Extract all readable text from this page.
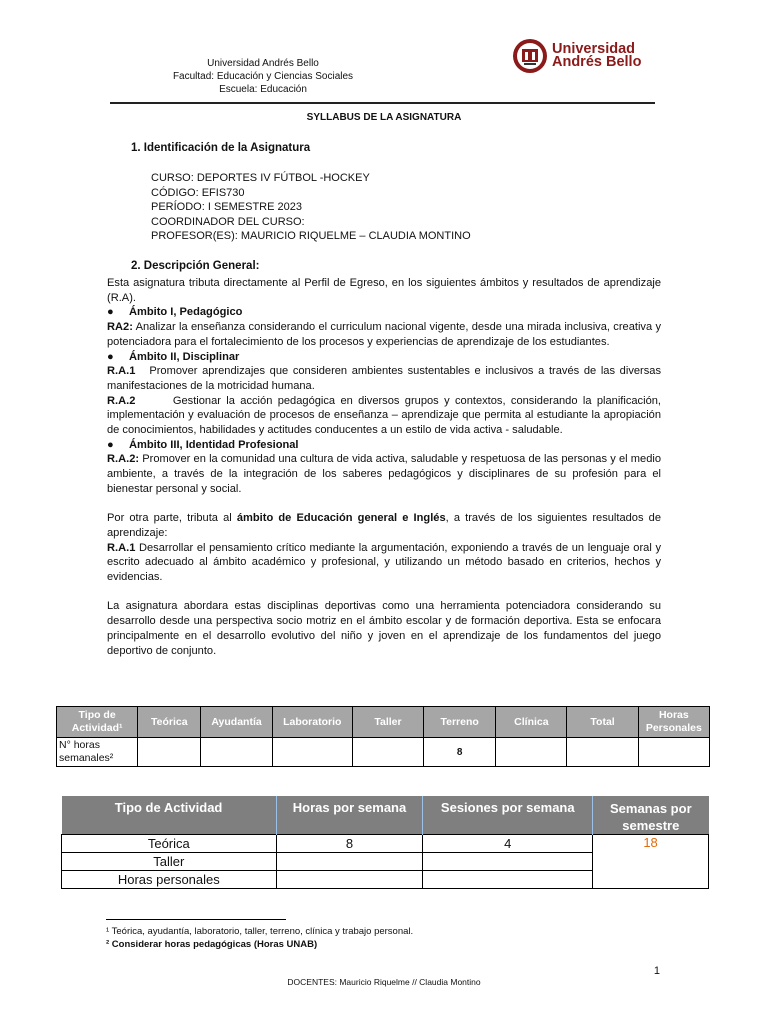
Universidad Andrés Bello
Facultad: Educación y Ciencias Sociales
Escuela: Educación
Universidad
Andrés Bello
SYLLABUS DE LA ASIGNATURA
1. Identificación de la Asignatura
CURSO: DEPORTES IV FÚTBOL -HOCKEY
CÓDIGO: EFIS730
PERÍODO: I SEMESTRE 2023
COORDINADOR DEL CURSO:
PROFESOR(ES): MAURICIO RIQUELME – CLAUDIA MONTINO
2. Descripción General:

Esta asignatura tributa directamente al Perfil de Egreso, en los siguientes ámbitos y resultados de aprendizaje (R.A).

●	Ámbito I, Pedagógico

RA2: Analizar la enseñanza considerando el curriculum nacional vigente, desde una mirada inclusiva, creativa y potenciadora para el fortalecimiento de los procesos y experiencias de aprendizaje de los estudiantes.

●	Ámbito II, Disciplinar

R.A.1   Promover aprendizajes que consideren ambientes sustentables e inclusivos a través de las diversas manifestaciones de la motricidad humana.

R.A.2       Gestionar la acción pedagógica en diversos grupos y contextos, considerando la planificación, implementación y evaluación de procesos de enseñanza – aprendizaje que permita al estudiante la apropiación de conocimientos, habilidades y actitudes conducentes a un estilo de vida activa - saludable.

●	Ámbito III, Identidad Profesional

R.A.2: Promover en la comunidad una cultura de vida activa, saludable y respetuosa de las personas y el medio ambiente, a través de la integración de los saberes pedagógicos y disciplinares de su profesión para el bienestar personal y social.

Por otra parte, tributa al ámbito de Educación general e Inglés, a través de los siguientes resultados de aprendizaje:

R.A.1 Desarrollar el pensamiento crítico mediante la argumentación, exponiendo a través de un lenguaje oral y escrito adecuado al ámbito académico y profesional, y utilizando un método basado en criterios, hechos y evidencias.

La asignatura abordara estas disciplinas deportivas como una herramienta potenciadora considerando su desarrollo desde una perspectiva socio motriz en el ámbito escolar y de formación deportiva. Esta se enfocara principalmente en el desarrollo evolutivo del niño y joven en el aprendizaje de los fundamentos del juego deportivo de conjunto.

Tipo de Actividad¹	Teórica	Ayudantía	Laboratorio	Taller	Terreno	Clínica	Total	Horas Personales
N° horas semanales²					8			
Tipo de Actividad	Horas por semana	Sesiones por semana	Semanas por semestre
Teórica	8	4	18
Taller			
Horas personales			
¹ Teórica, ayudantía, laboratorio, taller, terreno, clínica y trabajo personal.
² Considerar horas pedagógicas (Horas UNAB)
1
DOCENTES: Mauricio Riquelme // Claudia Montino
